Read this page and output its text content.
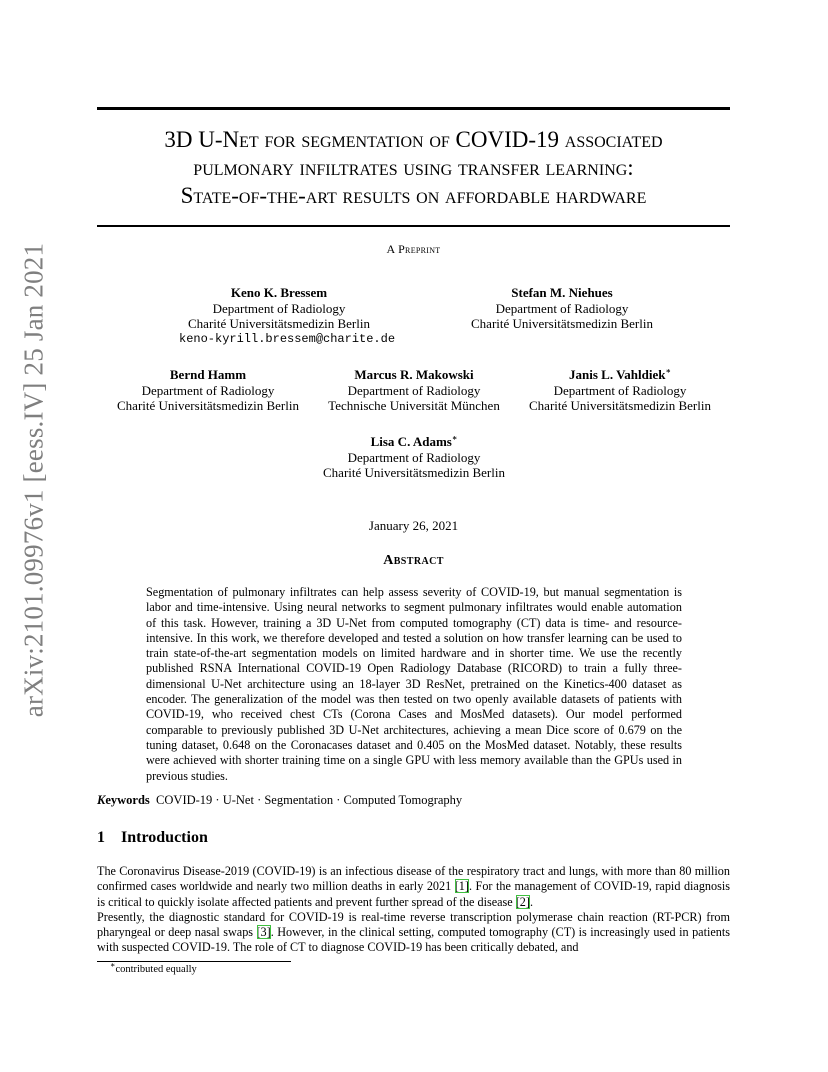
arXiv:2101.09976v1 [eess.IV] 25 Jan 2021
3D U-Net for segmentation of COVID-19 associated
pulmonary infiltrates using transfer learning:
State-of-the-art results on affordable hardware
A Preprint
Keno K. Bressem
Department of Radiology
Charité Universitätsmedizin Berlin
keno-kyrill.bressem@charite.de
Stefan M. Niehues
Department of Radiology
Charité Universitätsmedizin Berlin
Bernd Hamm
Department of Radiology
Charité Universitätsmedizin Berlin
Marcus R. Makowski
Department of Radiology
Technische Universität München
Janis L. Vahldiek∗
Department of Radiology
Charité Universitätsmedizin Berlin
Lisa C. Adams∗
Department of Radiology
Charité Universitätsmedizin Berlin
January 26, 2021
Abstract
Segmentation of pulmonary infiltrates can help assess severity of COVID-19, but manual segmentation is labor and time-intensive. Using neural networks to segment pulmonary infiltrates would enable automation of this task. However, training a 3D U-Net from computed tomography (CT) data is time- and resource-intensive. In this work, we therefore developed and tested a solution on how transfer learning can be used to train state-of-the-art segmentation models on limited hardware and in shorter time. We use the recently published RSNA International COVID-19 Open Radiology Database (RICORD) to train a fully three-dimensional U-Net architecture using an 18-layer 3D ResNet, pretrained on the Kinetics-400 dataset as encoder. The generalization of the model was then tested on two openly available datasets of patients with COVID-19, who received chest CTs (Corona Cases and MosMed datasets). Our model performed comparable to previously published 3D U-Net architectures, achieving a mean Dice score of 0.679 on the tuning dataset, 0.648 on the Coronacases dataset and 0.405 on the MosMed dataset. Notably, these results were achieved with shorter training time on a single GPU with less memory available than the GPUs used in previous studies.
Keywords COVID-19 · U-Net · Segmentation · Computed Tomography
1 Introduction

The Coronavirus Disease-2019 (COVID-19) is an infectious disease of the respiratory tract and lungs, with more than 80 million confirmed cases worldwide and nearly two million deaths in early 2021 [1]. For the management of COVID-19, rapid diagnosis is critical to quickly isolate affected patients and prevent further spread of the disease [2].

Presently, the diagnostic standard for COVID-19 is real-time reverse transcription polymerase chain reaction (RT-PCR) from pharyngeal or deep nasal swaps [3]. However, in the clinical setting, computed tomography (CT) is increasingly used in patients with suspected COVID-19. The role of CT to diagnose COVID-19 has been critically debated, and

∗contributed equally
